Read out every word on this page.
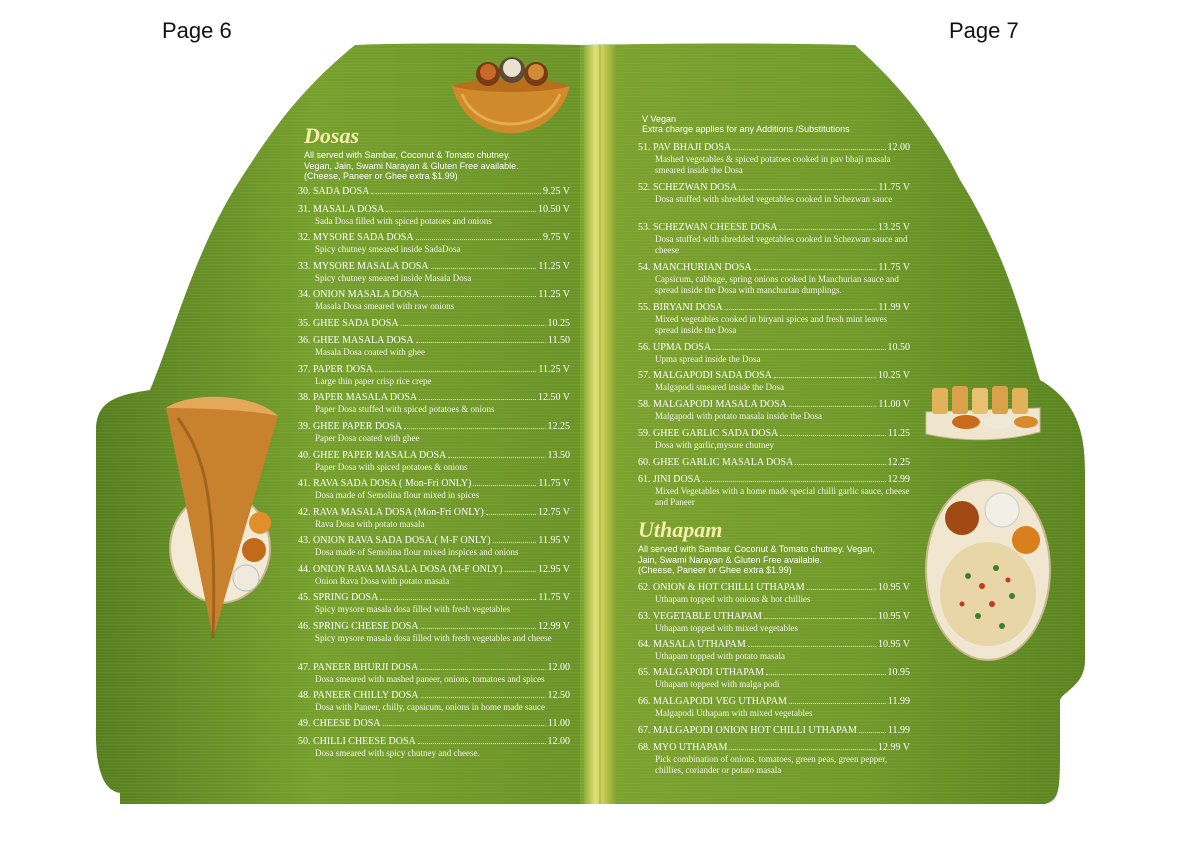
Page 6	Page 7
Dosas
All served with Sambar, Coconut & Tomato chutney.
Vegan, Jain, Swami Narayan & Gluten Free available.
(Cheese, Paneer or Ghee extra $1.99)
30. SADA DOSA	9.25 V
31. MASALA DOSA	10.50 V
Sada Dosa filled with spiced potatoes and onions
32. MYSORE SADA DOSA	9.75 V
Spicy chutney smeared inside SadaDosa
33. MYSORE MASALA DOSA	11.25 V
Spicy chutney smeared inside Masala Dosa
34. ONION MASALA DOSA	11.25 V
Masala Dosa smeared with raw onions
35. GHEE SADA DOSA	10.25
36. GHEE MASALA DOSA	11.50
Masala Dosa coated with ghee
37. PAPER DOSA	11.25 V
Large thin paper crisp rice crepe
38. PAPER MASALA DOSA	12.50 V
Paper Dosa stuffed with spiced potatoes & onions
39. GHEE PAPER DOSA	12.25
Paper Dosa coated with ghee
40. GHEE PAPER MASALA DOSA	13.50
Paper Dosa with spiced potatoes & onions
41. RAVA SADA DOSA ( Mon-Fri ONLY)	11.75 V
Dosa made of Semolina flour mixed in spices
42. RAVA MASALA DOSA (Mon-Fri ONLY)	12.75 V
Rava Dosa with potato masala
43. ONION RAVA SADA DOSA.( M-F ONLY)	11.95 V
Dosa made of Semolina flour mixed inspices and onions
44. ONION RAVA MASALA DOSA (M-F ONLY)	12.95 V
Onion Rava Dosa with potato masala
45. SPRING DOSA	11.75 V
Spicy mysore masala dosa filled with fresh vegetables
46. SPRING CHEESE DOSA	12.99 V
Spicy mysore masala dosa filled with fresh vegetables and cheese
47. PANEER BHURJI DOSA	12.00
Dosa smeared with mashed paneer, onions, tomatoes and spices
48. PANEER CHILLY DOSA	12.50
Dosa with Paneer, chilly, capsicum, onions in home made sauce
49. CHEESE DOSA	11.00
50. CHILLI CHEESE DOSA	12.00
Dosa smeared with spicy chutney and cheese.
V Vegan
Extra charge applies for any Additions /Substitutions
51. PAV BHAJI DOSA	12.00
Mashed vegetables & spiced potatoes cooked in pav bhaji masala smeared inside the Dosa
52. SCHEZWAN DOSA	11.75 V
Dosa stuffed with shredded vegetables cooked in Schezwan sauce
53. SCHEZWAN CHEESE DOSA	13.25 V
Dosa stuffed with shredded vegetables cooked in Schezwan sauce and cheese
54. MANCHURIAN DOSA	11.75 V
Capsicum, cabbage, spring onions cooked in Manchurian sauce and spread inside the Dosa with manchurian dumplings.
55. BIRYANI DOSA	11.99 V
Mixed vegetables cooked in biryani spices and fresh mint leaves spread inside the Dosa
56. UPMA DOSA	10.50
Upma spread inside the Dosa
57. MALGAPODI SADA DOSA	10.25 V
Malgapodi smeared inside the Dosa
58. MALGAPODI MASALA DOSA	11.00 V
Malgapodi with potato masala inside the Dosa
59. GHEE GARLIC SADA DOSA	11.25
Dosa with garlic,mysore chutney
60. GHEE GARLIC MASALA DOSA	12.25
61. JINI DOSA	12.99
Mixed Vegetables with a home made special chilli garlic sauce, cheese and Paneer
Uthapam
All served with Sambar, Coconut & Tomato chutney. Vegan,
Jain, Swami Narayan & Gluten Free available.
(Cheese, Paneer or Ghee extra $1.99)
62. ONION & HOT CHILLI UTHAPAM	10.95 V
Uthapam topped with onions & hot chillies
63. VEGETABLE UTHAPAM	10.95 V
Uthapam topped with mixed vegetables
64. MASALA UTHAPAM	10.95 V
Uthapam topped with potato masala
65. MALGAPODI UTHAPAM	10.95
Uthapam toppeed with malga podi
66. MALGAPODI VEG UTHAPAM	11.99
Malgapodi Uthapam with mixed vegetables
67. MALGAPODI ONION HOT CHILLI UTHAPAM	11.99
68. MYO UTHAPAM	12.99 V
Pick combination of onions, tomatoes, green peas, green pepper, chillies, coriander or potato masala
